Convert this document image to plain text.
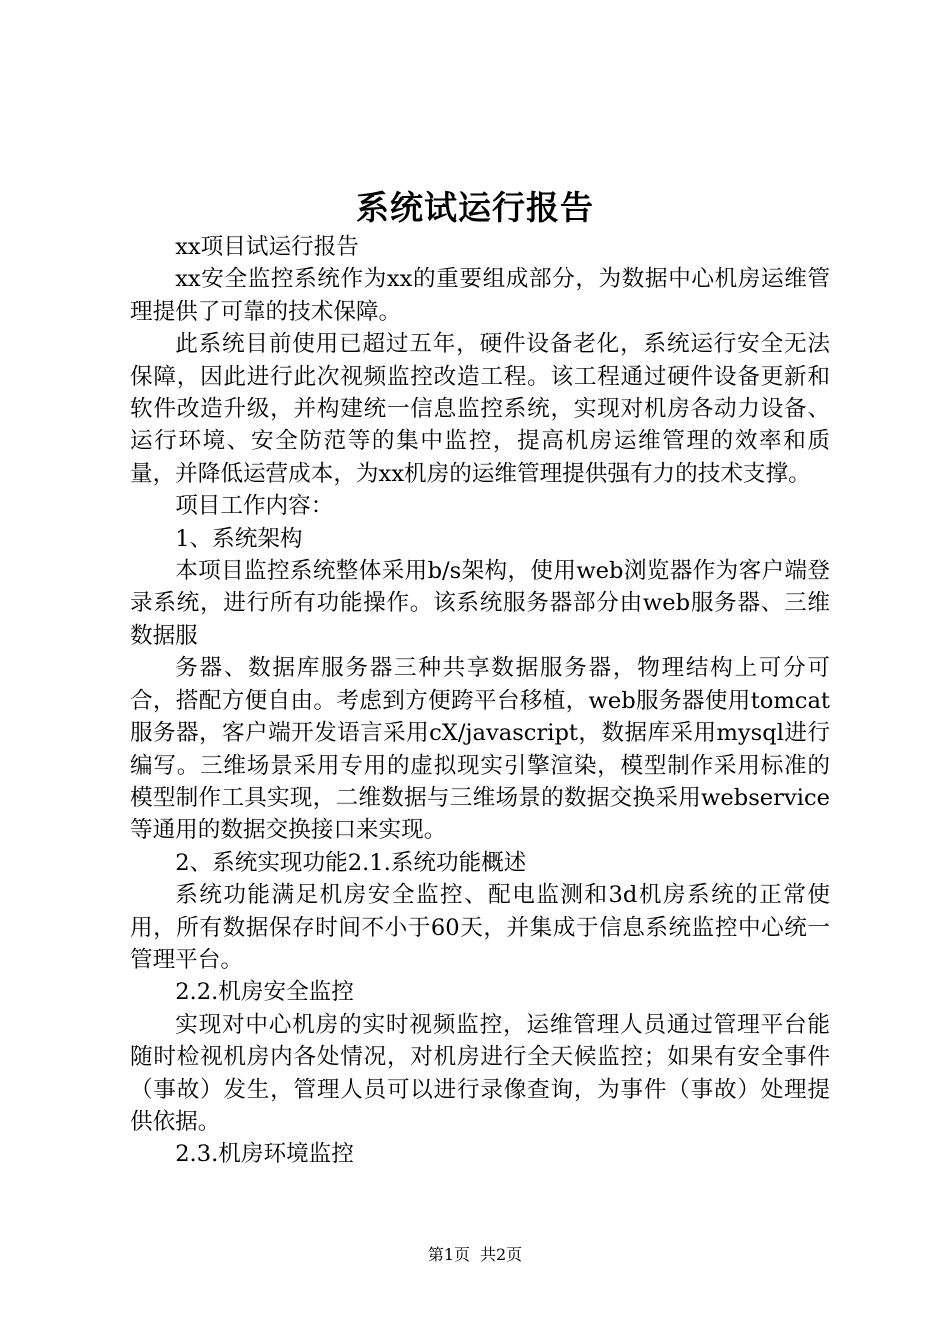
系统试运行报告

xx项目试运行报告

xx安全监控系统作为xx的重要组成部分，为数据中心机房运维管理提供了可靠的技术保障。

此系统目前使用已超过五年，硬件设备老化，系统运行安全无法保障，因此进行此次视频监控改造工程。该工程通过硬件设备更新和软件改造升级，并构建统一信息监控系统，实现对机房各动力设备、运行环境、安全防范等的集中监控，提高机房运维管理的效率和质量，并降低运营成本，为xx机房的运维管理提供强有力的技术支撑。

项目工作内容：

1、系统架构

本项目监控系统整体采用b/s架构，使用web浏览器作为客户端登录系统，进行所有功能操作。该系统服务器部分由web服务器、三维数据服

务器、数据库服务器三种共享数据服务器，物理结构上可分可合，搭配方便自由。考虑到方便跨平台移植，web服务器使用tomcat服务器，客户端开发语言采用cX/javascript，数据库采用mysql进行编写。三维场景采用专用的虚拟现实引擎渲染，模型制作采用标准的模型制作工具实现，二维数据与三维场景的数据交换采用webservice等通用的数据交换接口来实现。

2、系统实现功能2.1.系统功能概述

系统功能满足机房安全监控、配电监测和3d机房系统的正常使用，所有数据保存时间不小于60天，并集成于信息系统监控中心统一管理平台。

2.2.机房安全监控

实现对中心机房的实时视频监控，运维管理人员通过管理平台能随时检视机房内各处情况，对机房进行全天候监控；如果有安全事件（事故）发生，管理人员可以进行录像查询，为事件（事故）处理提供依据。

2.3.机房环境监控

第1页 共2页
